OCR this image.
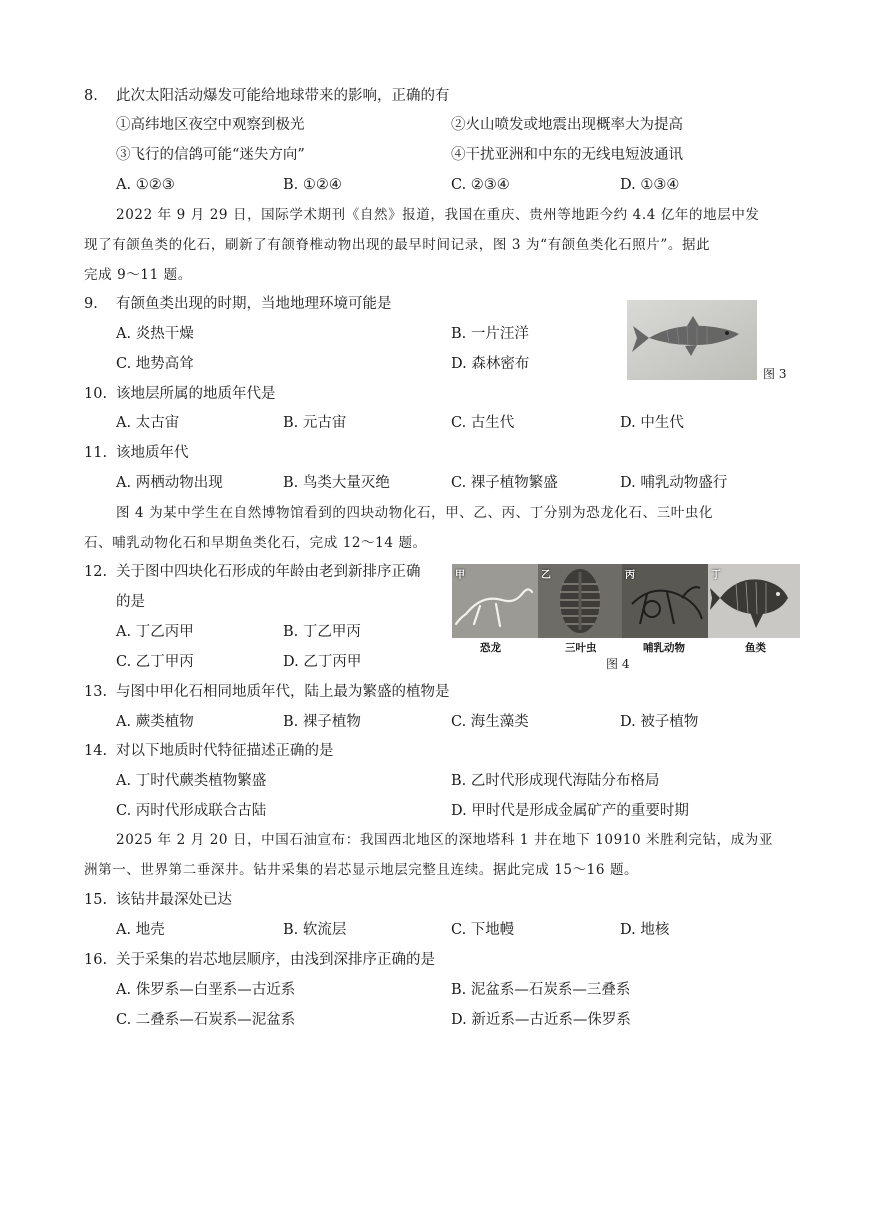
8. 此次太阳活动爆发可能给地球带来的影响，正确的有
①高纬地区夜空中观察到极光	②火山喷发或地震出现概率大为提高
③飞行的信鸽可能“迷失方向”	④干扰亚洲和中东的无线电短波通讯
A. ①②③	B. ①②④	C. ②③④	D. ①③④
2022 年 9 月 29 日，国际学术期刊《自然》报道，我国在重庆、贵州等地距今约 4.4 亿年的地层中发
现了有颌鱼类的化石，刷新了有颌脊椎动物出现的最早时间记录，图 3 为“有颌鱼类化石照片”。据此
完成 9～11 题。
9. 有颌鱼类出现的时期，当地地理环境可能是
A. 炎热干燥	B. 一片汪洋
C. 地势高耸	D. 森林密布
图 3
10. 该地层所属的地质年代是
A. 太古宙	B. 元古宙	C. 古生代	D. 中生代
11. 该地质年代
A. 两栖动物出现	B. 鸟类大量灭绝	C. 裸子植物繁盛	D. 哺乳动物盛行
图 4 为某中学生在自然博物馆看到的四块动物化石，甲、乙、丙、丁分别为恐龙化石、三叶虫化
石、哺乳动物化石和早期鱼类化石，完成 12～14 题。
12. 关于图中四块化石形成的年龄由老到新排序正确
的是
A. 丁乙丙甲	B. 丁乙甲丙
C. 乙丁甲丙	D. 乙丁丙甲
甲	乙	丙	丁
恐龙	三叶虫	哺乳动物	鱼类
图 4
13. 与图中甲化石相同地质年代，陆上最为繁盛的植物是
A. 蕨类植物	B. 裸子植物	C. 海生藻类	D. 被子植物
14. 对以下地质时代特征描述正确的是
A. 丁时代蕨类植物繁盛	B. 乙时代形成现代海陆分布格局
C. 丙时代形成联合古陆	D. 甲时代是形成金属矿产的重要时期
2025 年 2 月 20 日，中国石油宣布：我国西北地区的深地塔科 1 井在地下 10910 米胜利完钻，成为亚
洲第一、世界第二垂深井。钻井采集的岩芯显示地层完整且连续。据此完成 15～16 题。
15. 该钻井最深处已达
A. 地壳	B. 软流层	C. 下地幔	D. 地核
16. 关于采集的岩芯地层顺序，由浅到深排序正确的是
A. 侏罗系—白垩系—古近系	B. 泥盆系—石炭系—三叠系
C. 二叠系—石炭系—泥盆系	D. 新近系—古近系—侏罗系
